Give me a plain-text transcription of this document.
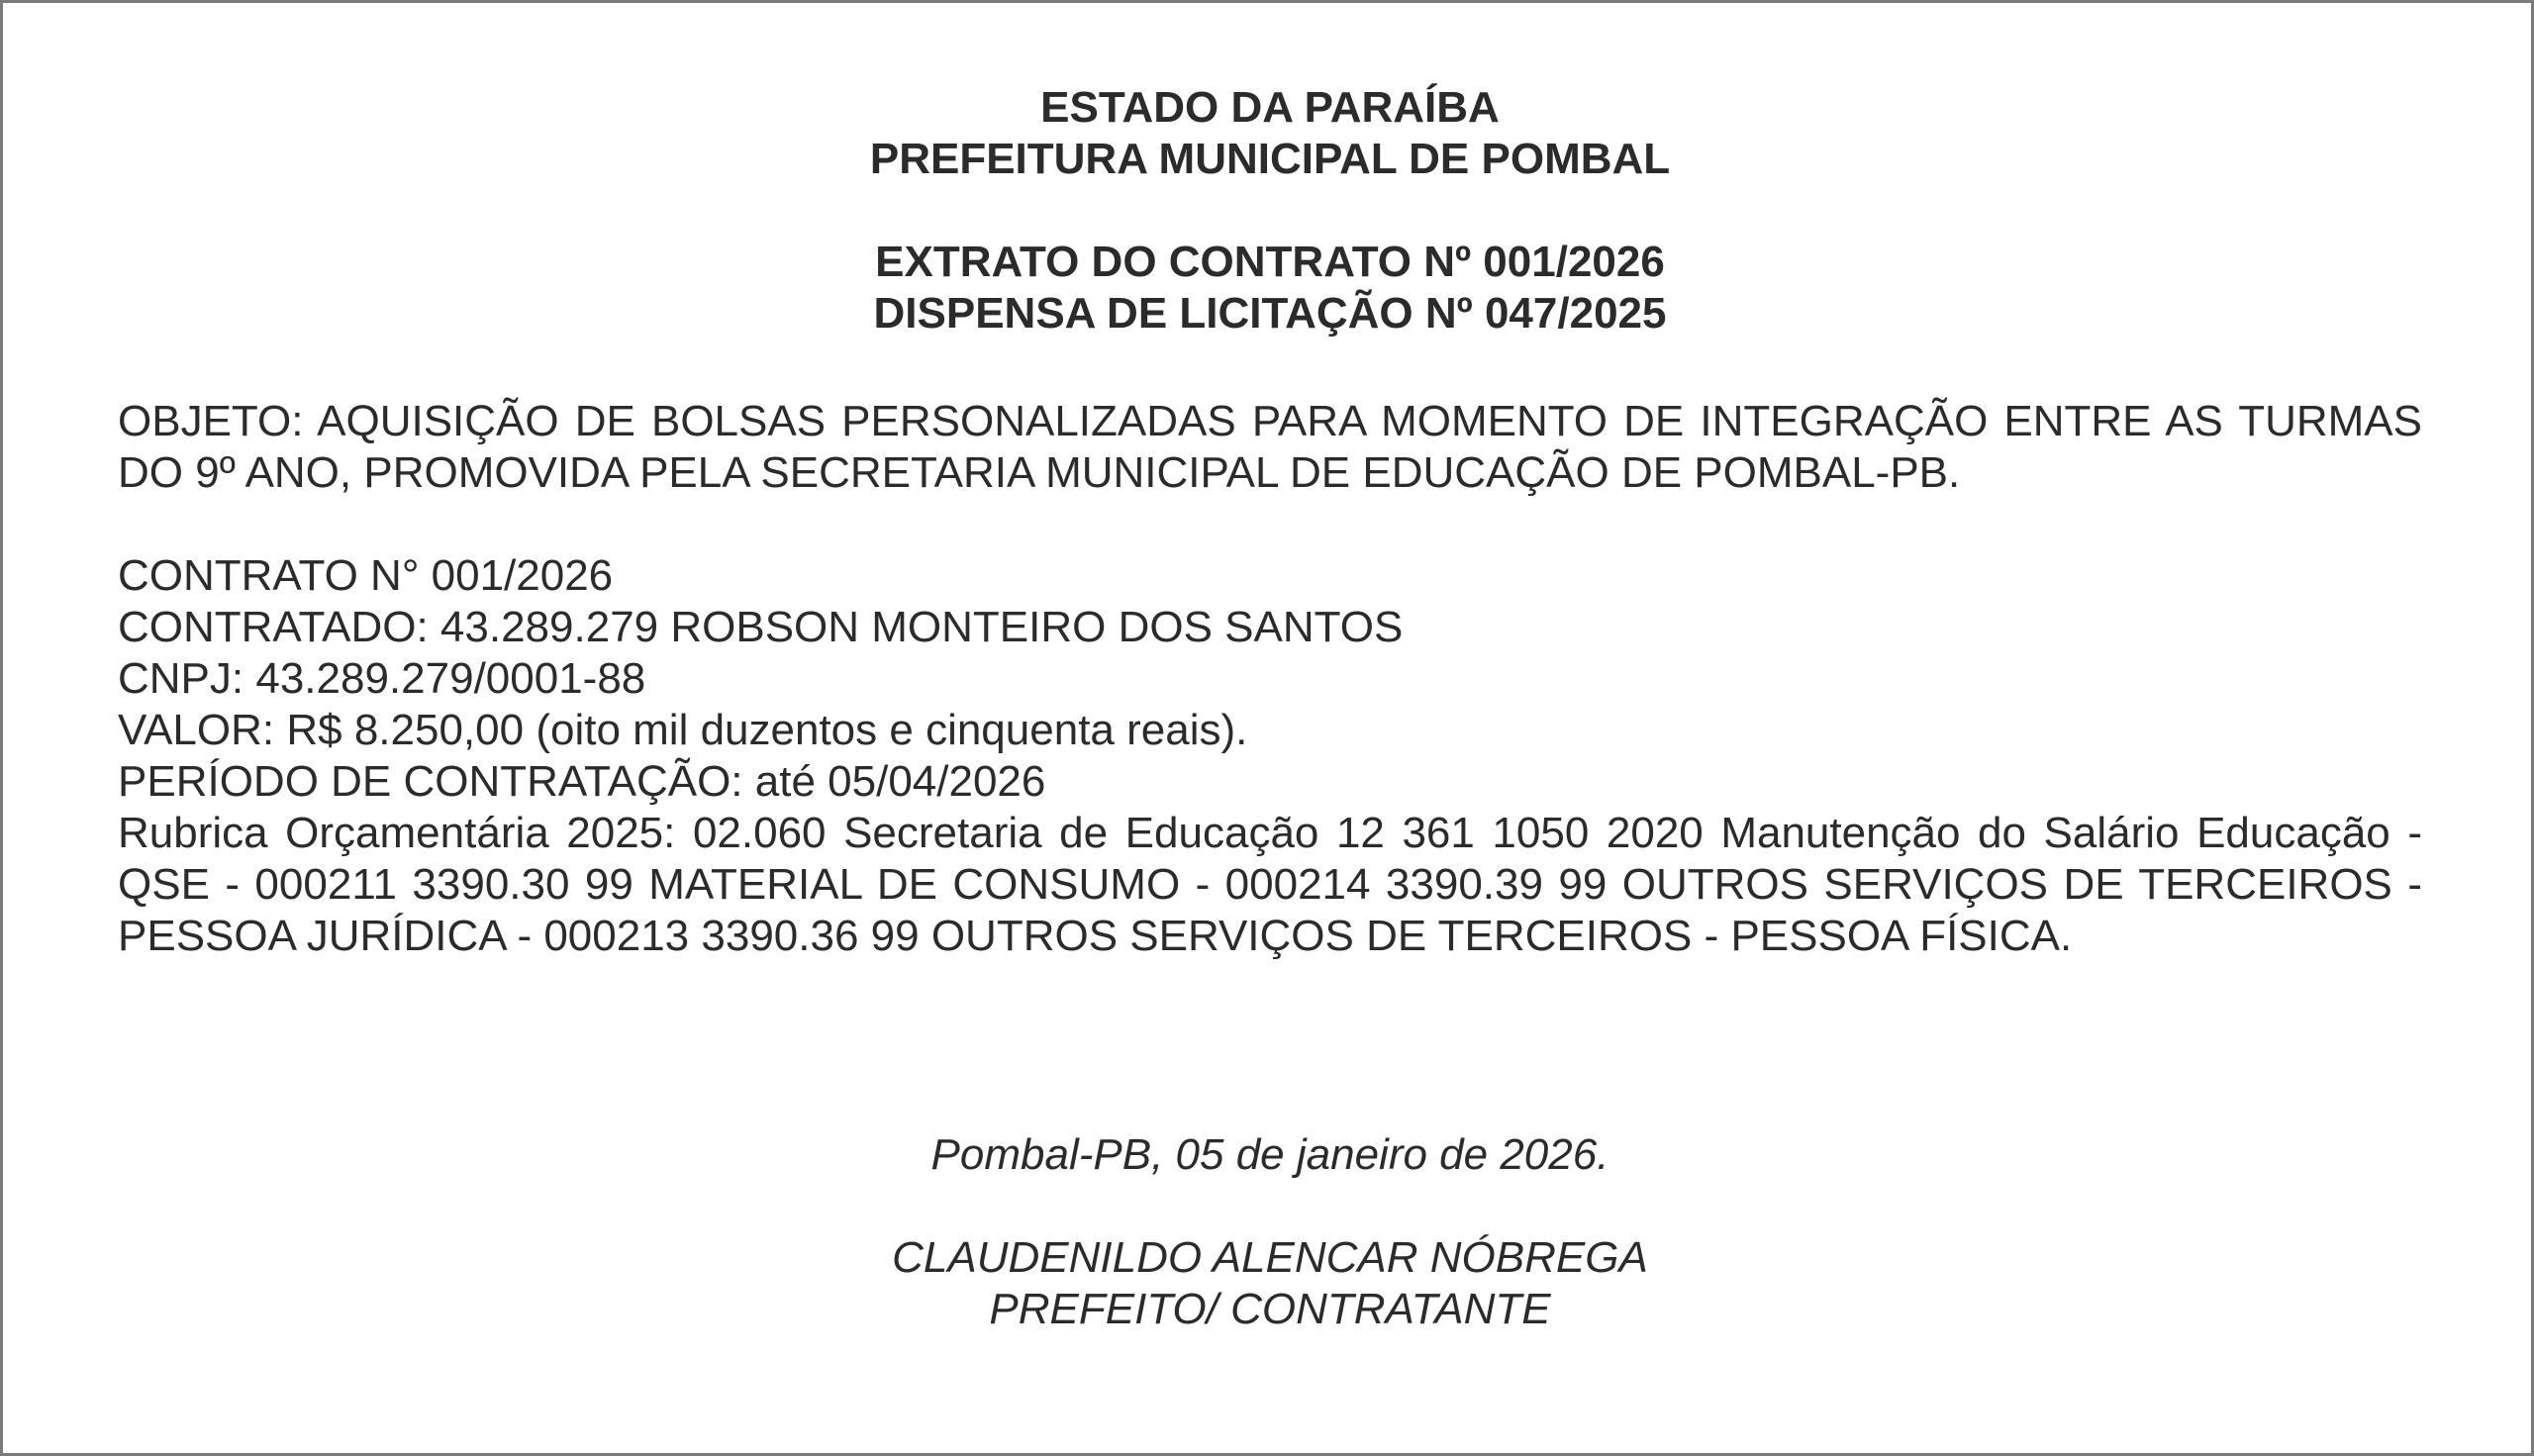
ESTADO DA PARAÍBA
PREFEITURA MUNICIPAL DE POMBAL
EXTRATO DO CONTRATO Nº 001/2026
DISPENSA DE LICITAÇÃO Nº 047/2025

OBJETO: AQUISIÇÃO DE BOLSAS PERSONALIZADAS PARA MOMENTO DE INTEGRAÇÃO ENTRE AS TURMAS DO 9º ANO, PROMOVIDA PELA SECRETARIA MUNICIPAL DE EDUCAÇÃO DE POMBAL-PB.

CONTRATO N° 001/2026

CONTRATADO: 43.289.279 ROBSON MONTEIRO DOS SANTOS

CNPJ: 43.289.279/0001-88

VALOR: R$ 8.250,00 (oito mil duzentos e cinquenta reais).

PERÍODO DE CONTRATAÇÃO: até 05/04/2026

Rubrica Orçamentária 2025: 02.060 Secretaria de Educação 12 361 1050 2020 Manutenção do Salário Educação -QSE - 000211 3390.30 99 MATERIAL DE CONSUMO - 000214 3390.39 99 OUTROS SERVIÇOS DE TERCEIROS - PESSOA JURÍDICA - 000213 3390.36 99 OUTROS SERVIÇOS DE TERCEIROS - PESSOA FÍSICA.

Pombal-PB, 05 de janeiro de 2026.
CLAUDENILDO ALENCAR NÓBREGA
PREFEITO/ CONTRATANTE
